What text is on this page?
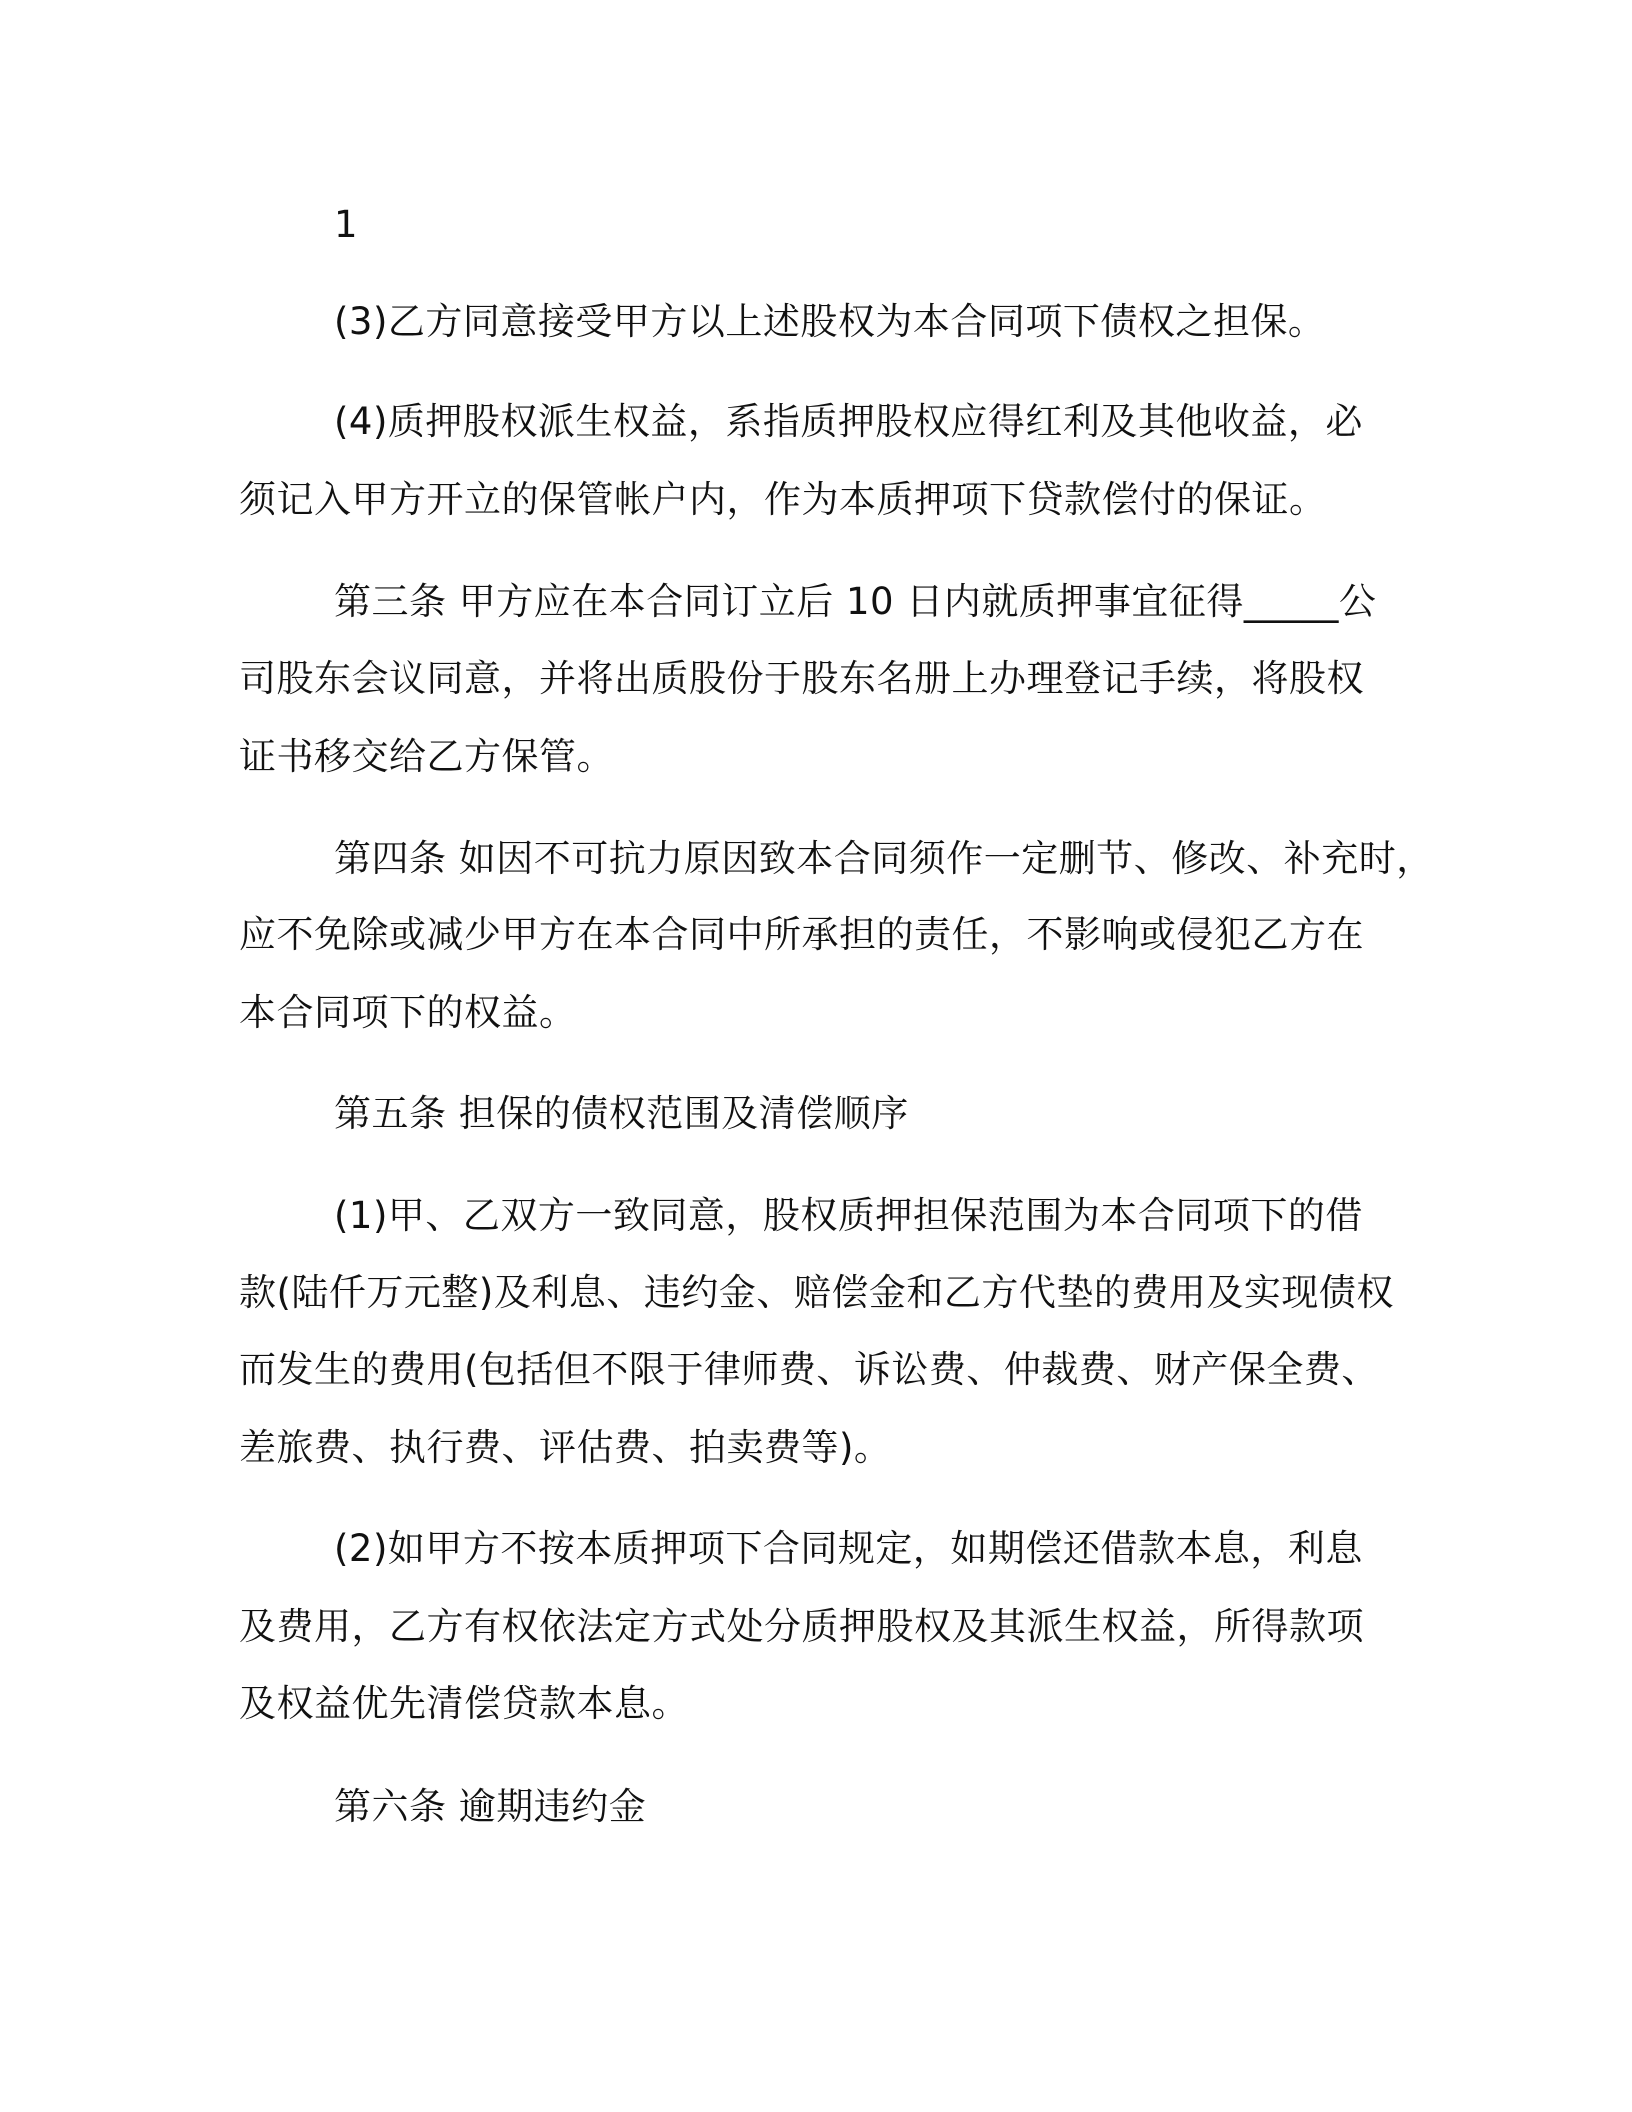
1
(3)乙方同意接受甲方以上述股权为本合同项下债权之担保。
(4)质押股权派生权益，系指质押股权应得红利及其他收益，必
须记入甲方开立的保管帐户内，作为本质押项下贷款偿付的保证。
第三条 甲方应在本合同订立后 10 日内就质押事宜征得_____公
司股东会议同意，并将出质股份于股东名册上办理登记手续，将股权
证书移交给乙方保管。
第四条 如因不可抗力原因致本合同须作一定删节、修改、补充时，
应不免除或减少甲方在本合同中所承担的责任，不影响或侵犯乙方在
本合同项下的权益。
第五条 担保的债权范围及清偿顺序
(1)甲、乙双方一致同意，股权质押担保范围为本合同项下的借
款(陆仟万元整)及利息、违约金、赔偿金和乙方代垫的费用及实现债权
而发生的费用(包括但不限于律师费、诉讼费、仲裁费、财产保全费、
差旅费、执行费、评估费、拍卖费等)。
(2)如甲方不按本质押项下合同规定，如期偿还借款本息，利息
及费用，乙方有权依法定方式处分质押股权及其派生权益，所得款项
及权益优先清偿贷款本息。
第六条 逾期违约金
